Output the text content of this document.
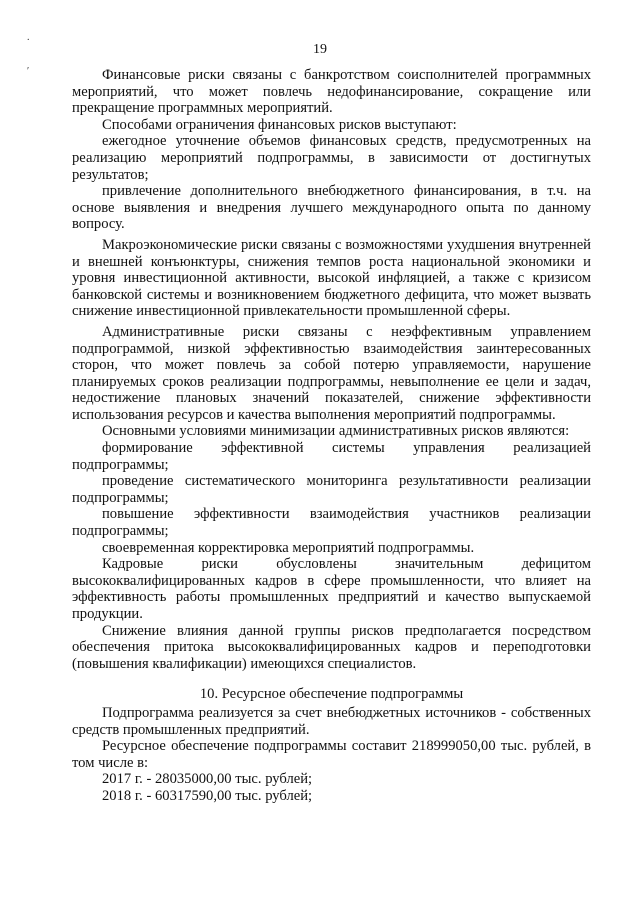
.
′
19

Финансовые риски связаны с банкротством соисполнителей программных мероприятий, что может повлечь недофинансирование, сокращение или прекращение программных мероприятий.

Способами ограничения финансовых рисков выступают:

ежегодное уточнение объемов финансовых средств, предусмотренных на реализацию мероприятий подпрограммы, в зависимости от достигнутых результатов;

привлечение дополнительного внебюджетного финансирования, в т.ч. на основе выявления и внедрения лучшего международного опыта по данному вопросу.

Макроэкономические риски связаны с возможностями ухудшения внутренней и внешней конъюнктуры, снижения темпов роста национальной экономики и уровня инвестиционной активности, высокой инфляцией, а также с кризисом банковской системы и возникновением бюджетного дефицита, что может вызвать снижение инвестиционной привлекательности промышленной сферы.

Административные риски связаны с неэффективным управлением подпрограммой, низкой эффективностью взаимодействия заинтересованных сторон, что может повлечь за собой потерю управляемости, нарушение планируемых сроков реализации подпрограммы, невыполнение ее цели и задач, недостижение плановых значений показателей, снижение эффективности использования ресурсов и качества выполнения мероприятий подпрограммы.

Основными условиями минимизации административных рисков являются:

формирование эффективной системы управления реализацией подпрограммы;

проведение систематического мониторинга результативности реализации подпрограммы;

повышение эффективности взаимодействия участников реализации подпрограммы;

своевременная корректировка мероприятий подпрограммы.

Кадровые риски обусловлены значительным дефицитом высококвалифицированных кадров в сфере промышленности, что влияет на эффективность работы промышленных предприятий и качество выпускаемой продукции.

Снижение влияния данной группы рисков предполагается посредством обеспечения притока высококвалифицированных кадров и переподготовки (повышения квалификации) имеющихся специалистов.

10. Ресурсное обеспечение подпрограммы

Подпрограмма реализуется за счет внебюджетных источников - собственных средств промышленных предприятий.

Ресурсное обеспечение подпрограммы составит 218999050,00 тыс. рублей, в том числе в:

2017 г. - 28035000,00 тыс. рублей;

2018 г. - 60317590,00 тыс. рублей;
